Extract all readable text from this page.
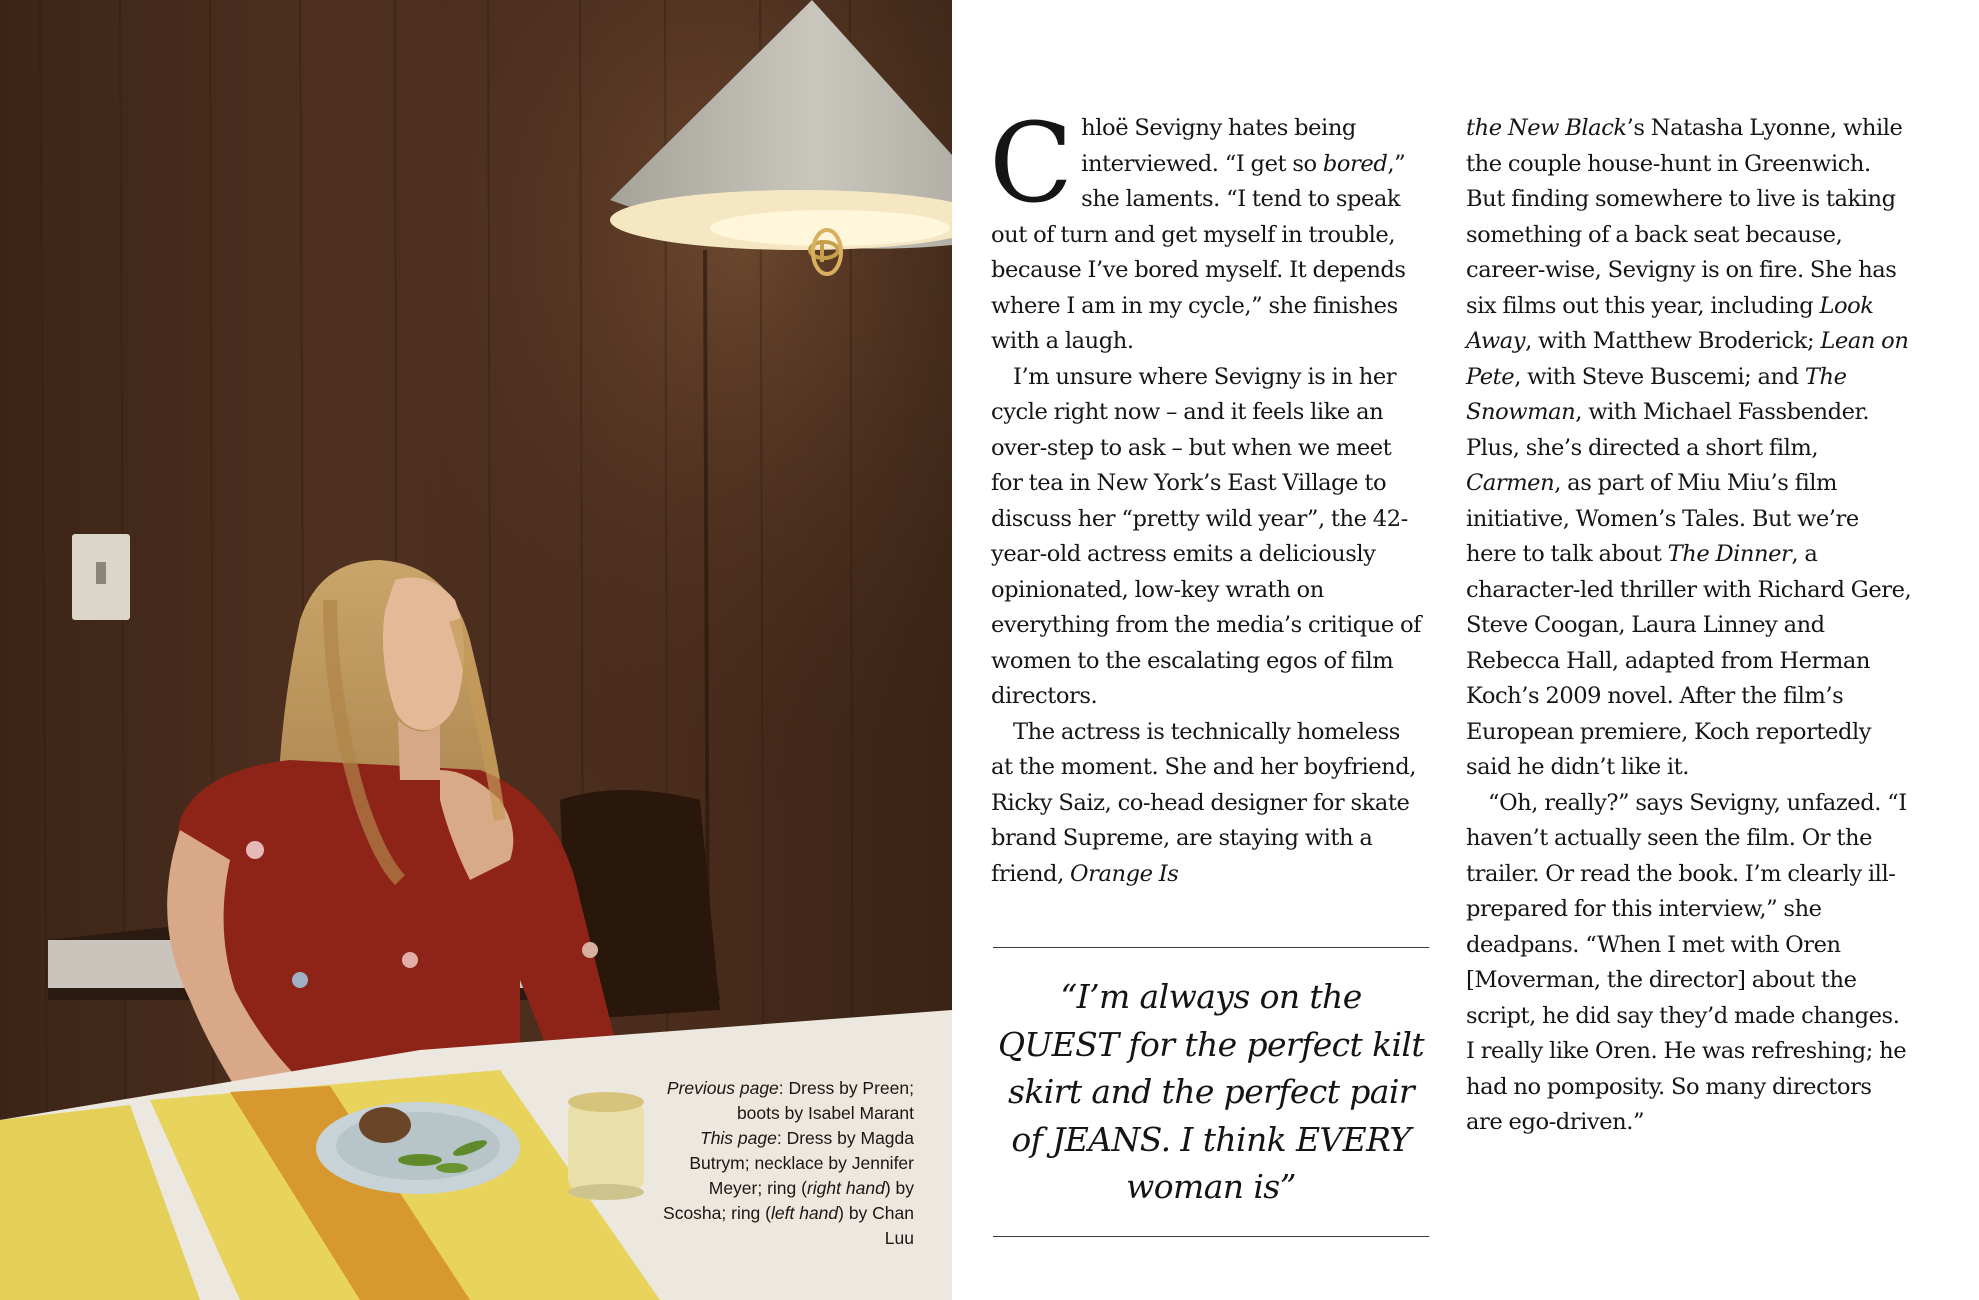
Previous page: Dress by Preen; boots by Isabel Marant
This page: Dress by Magda Butrym; necklace by Jennifer Meyer; ring (right hand) by Scosha; ring (left hand) by Chan Luu

Chloë Sevigny hates being interviewed. “I get so bored,” she laments. “I tend to speak out of turn and get myself in trouble, because I’ve bored myself. It depends where I am in my cycle,” she finishes with a laugh.

I’m unsure where Sevigny is in her cycle right now – and it feels like an over-step to ask – but when we meet for tea in New York’s East Village to discuss her “pretty wild year”, the 42-year-old actress emits a deliciously opinionated, low-key wrath on everything from the media’s critique of women to the escalating egos of film directors.

The actress is technically homeless at the moment. She and her boyfriend, Ricky Saiz, co-head designer for skate brand Supreme, are staying with a friend, Orange Is

“I’m always on the QUEST for the perfect kilt skirt and the perfect pair of JEANS. I think EVERY woman is”

the New Black’s Natasha Lyonne, while the couple house-hunt in Greenwich. But finding somewhere to live is taking something of a back seat because, career-wise, Sevigny is on fire. She has six films out this year, including Look Away, with Matthew Broderick; Lean on Pete, with Steve Buscemi; and The Snowman, with Michael Fassbender. Plus, she’s directed a short film, Carmen, as part of Miu Miu’s film initiative, Women’s Tales. But we’re here to talk about The Dinner, a character-led thriller with Richard Gere, Steve Coogan, Laura Linney and Rebecca Hall, adapted from Herman Koch’s 2009 novel. After the film’s European premiere, Koch reportedly said he didn’t like it.

“Oh, really?” says Sevigny, unfazed. “I haven’t actually seen the film. Or the trailer. Or read the book. I’m clearly ill-prepared for this interview,” she deadpans. “When I met with Oren [Moverman, the director] about the script, he did say they’d made changes. I really like Oren. He was refreshing; he had no pomposity. So many directors are ego-driven.”
